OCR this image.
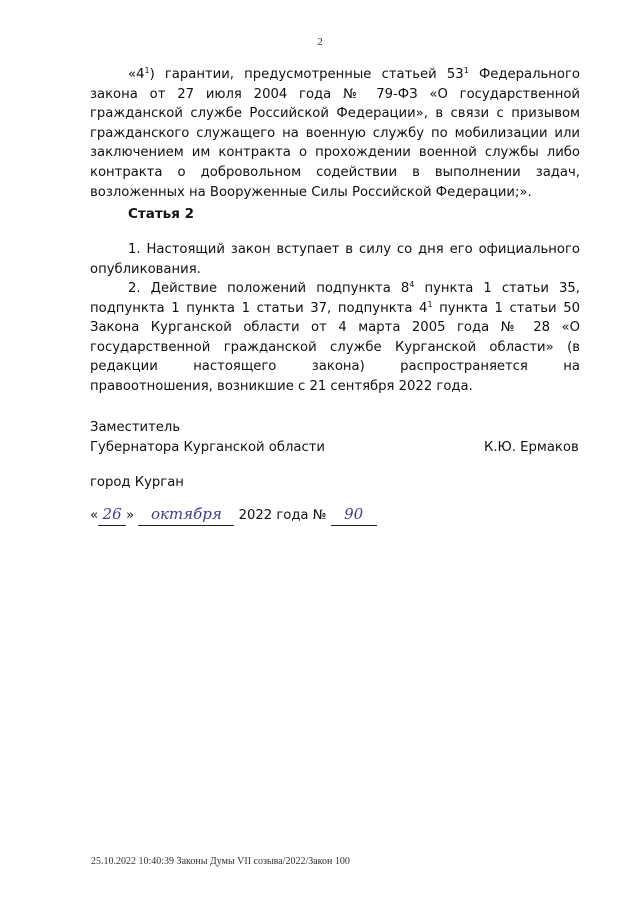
2
«$4^1$) гарантии, предусмотренные статьей $53^1$ Федерального закона от 27 июля 2004 года № 79-ФЗ «О государственной гражданской службе Российской Федерации», в связи с призывом гражданского служащего на военную службу по мобилизации или заключением им контракта о прохождении военной службы либо контракта о добровольном содействии в выполнении задач, возложенных на Вооруженные Силы Российской Федерации;».
Статья 2
1. Настоящий закон вступает в силу со дня его официального опубликования.
2. Действие положений подпункта $8^4$ пункта 1 статьи 35, подпункта 1 пункта 1 статьи 37, подпункта $4^1$ пункта 1 статьи 50 Закона Курганской области от 4 марта 2005 года № 28 «О государственной гражданской службе Курганской области» (в редакции настоящего закона) распространяется на правоотношения, возникшие с 21 сентября 2022 года.
Заместитель
Губернатора Курганской области	К.Ю. Ермаков
город Курган
« 26 » октября 2022 года № 90
25.10.2022 10:40:39 Законы Думы VII созыва/2022/Закон 100
